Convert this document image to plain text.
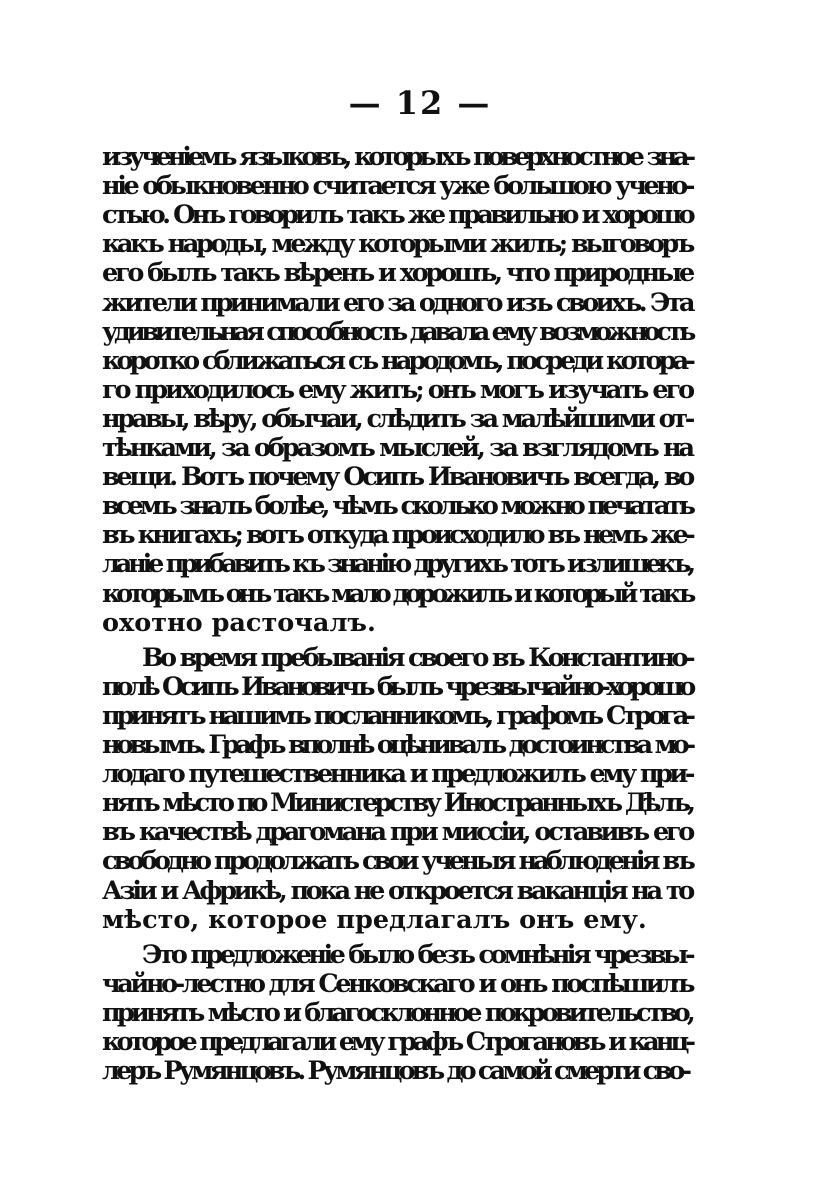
— 12 —
изученіемъ языковъ, которыхъ поверхностное зна-
ніе обыкновенно считается уже большою учено-
стью. Онъ говорилъ такъ же правильно и хорошо
какъ народы, между которыми жилъ; выговоръ
его былъ такъ вѣренъ и хорошъ, что природные
жители принимали его за одного изъ своихъ. Эта
удивительная способность давала ему возможность
коротко сближаться съ народомъ, посреди котора-
го приходилось ему жить; онъ могъ изучать его
нравы, вѣру, обычаи, слѣдить за малѣйшими от-
тѣнками, за образомъ мыслей, за взглядомъ на
вещи. Вотъ почему Осипъ Ивановичъ всегда, во
всемъ зналъ болѣе, чѣмъ сколько можно печатать
въ книгахъ; вотъ откуда происходило въ немъ же-
ланіе прибавить къ знанію другихъ тотъ излишекъ,
которымъ онъ такъ мало дорожилъ и который такъ
охотно расточалъ.
Во время пребыванія своего въ Константино-
полѣ Осипъ Ивановичъ былъ чрезвычайно-хорошо
принятъ нашимъ посланникомъ, графомъ Строга-
новымъ. Графъ вполнѣ оцѣнивалъ достоинства мо-
лодаго путешественника и предложилъ ему при-
нять мѣсто по Министерству Иностранныхъ Дѣлъ,
въ качествѣ драгомана при миссіи, оставивъ его
свободно продолжать свои ученыя наблюденія въ
Азіи и Африкѣ, пока не откроется ваканція на то
мѣсто, которое предлагалъ онъ ему.
Это предложеніе было безъ сомнѣнія чрезвы-
чайно-лестно для Сенковскаго и онъ поспѣшилъ
принять мѣсто и благосклонное покровительство,
которое предлагали ему графъ Строгановъ и канц-
леръ Румянцовъ. Румянцовъ до самой смерти сво-
